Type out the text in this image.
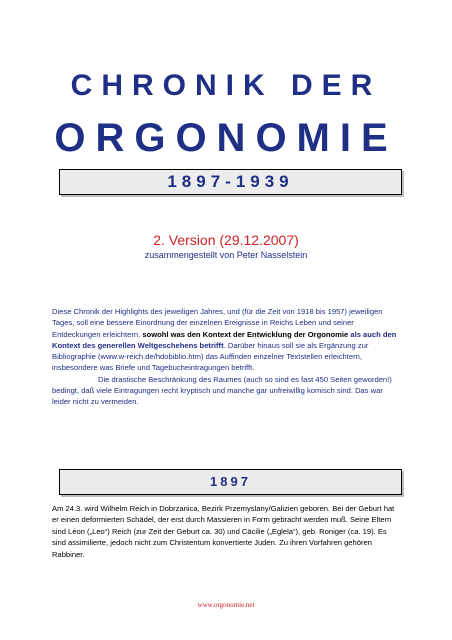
CHRONIK DER
ORGONOMIE
1897-1939
2. Version (29.12.2007)
zusammengestellt von Peter Nasselstein

Diese Chronik der Highlights des jeweiligen Jahres, und (für die Zeit von 1918 bis 1957) jeweiligen Tages, soll eine bessere Einordnung der einzelnen Ereignisse in Reichs Leben und seiner Entdeckungen erleichtern, sowohl was den Kontext der Entwicklung der Orgonomie als auch den Kontext des generellen Weltgeschehens betrifft. Darüber hinaus soll sie als Ergänzung zur Bibliographie (www.w-reich.de/hdobiblio.htm) das Auffinden einzelner Textstellen erleichtern, insbesondere was Briefe und Tagebucheintragungen betrifft.

Die drastische Beschränkung des Raumes (auch so sind es fast 450 Seiten geworden!) bedingt, daß viele Eintragungen recht kryptisch und manche gar unfreiwillig komisch sind. Das war leider nicht zu vermeiden.

1897

Am 24.3. wird Wilhelm Reich in Dobrzanica, Bezirk Przemyslany/Galizien geboren. Bei der Geburt hat er einen deformierten Schädel, der erst durch Massieren in Form gebracht werden muß. Seine Eltern sind Léon („Leo“) Reich (zur Zeit der Geburt ca. 30) und Cäcilie („Eglela“), geb. Roniger (ca. 19). Es sind assimilierte, jedoch nicht zum Christentum konvertierte Juden. Zu ihren Vorfahren gehören Rabbiner.

www.orgonomie.net
